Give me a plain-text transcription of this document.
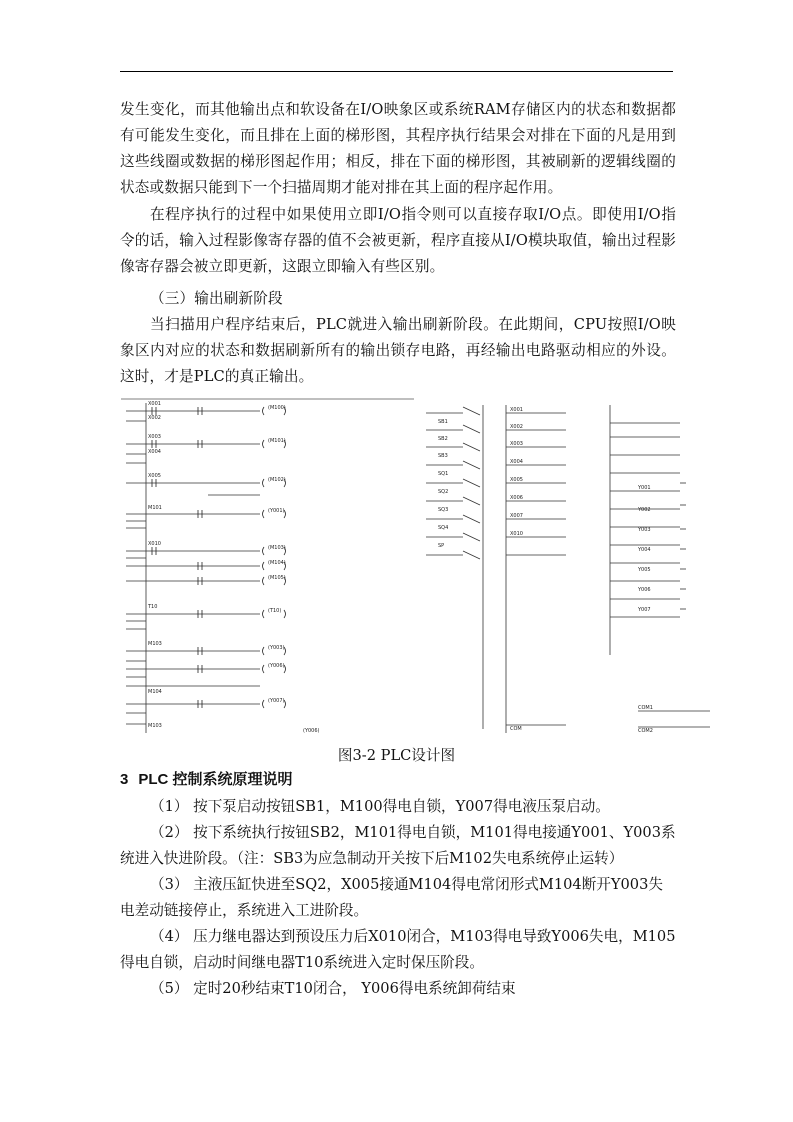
发生变化，而其他输出点和软设备在I/O映象区或系统RAM存储区内的状态和数据都有可能发生变化，而且排在上面的梯形图，其程序执行结果会对排在下面的凡是用到这些线圈或数据的梯形图起作用；相反，排在下面的梯形图，其被刷新的逻辑线圈的状态或数据只能到下一个扫描周期才能对排在其上面的程序起作用。
在程序执行的过程中如果使用立即I/O指令则可以直接存取I/O点。即使用I/O指令的话，输入过程影像寄存器的值不会被更新，程序直接从I/O模块取值，输出过程影像寄存器会被立即更新，这跟立即输入有些区别。
（三）输出刷新阶段
当扫描用户程序结束后，PLC就进入输出刷新阶段。在此期间，CPU按照I/O映象区内对应的状态和数据刷新所有的输出锁存电路，再经输出电路驱动相应的外设。这时，才是PLC的真正输出。
X001
X002
X003
X004
X005
M101
X010
T10
M103
M104
M103
(M100)
(M101)
(M102)
(Y001)
(M103)
(M104)
(M105)
(T10)
(Y003)
(Y006)
(Y007)
(Y006)
SB1
SB2
SB3
SQ1
SQ2
SQ3
SQ4
SP
X001
X002
X003
X004
X005
X006
X007
X010
COM
Y001
Y002
Y003
Y004
Y005
Y006
Y007
COM1
COM2
图3-2 PLC设计图
3 PLC 控制系统原理说明
（1） 按下泵启动按钮SB1，M100得电自锁，Y007得电液压泵启动。
（2） 按下系统执行按钮SB2，M101得电自锁，M101得电接通Y001、Y003系统进入快进阶段。（注：SB3为应急制动开关按下后M102失电系统停止运转）
（3） 主液压缸快进至SQ2，X005接通M104得电常闭形式M104断开Y003失电差动链接停止，系统进入工进阶段。
（4） 压力继电器达到预设压力后X010闭合，M103得电导致Y006失电，M105得电自锁，启动时间继电器T10系统进入定时保压阶段。
（5） 定时20秒结束T10闭合， Y006得电系统卸荷结束
